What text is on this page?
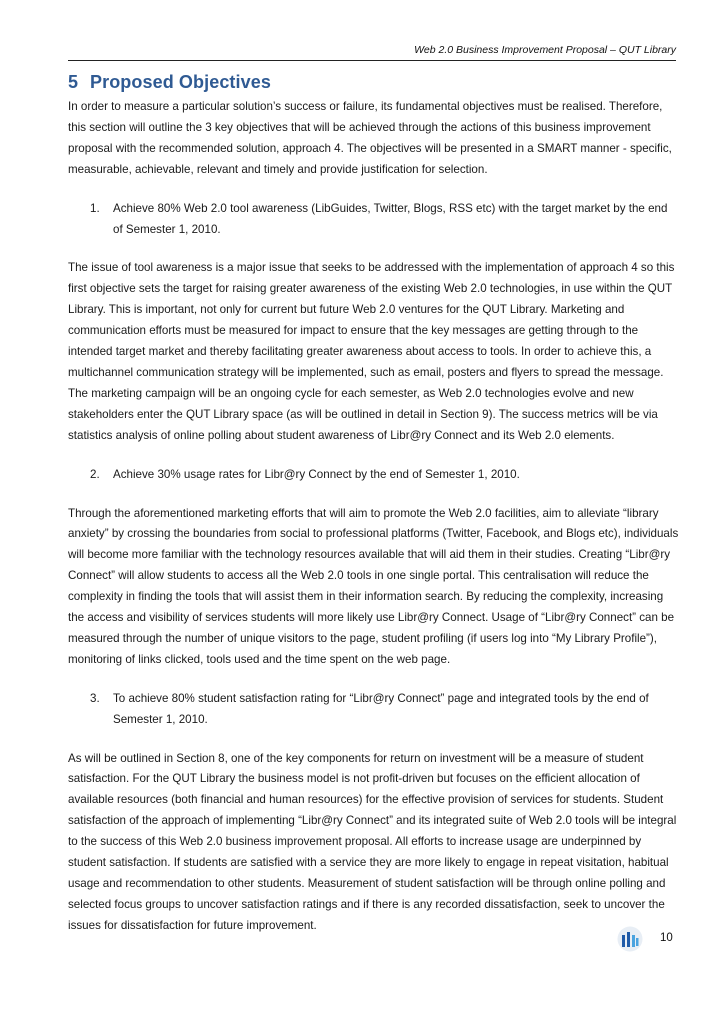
Web 2.0 Business Improvement Proposal – QUT Library
5 Proposed Objectives

In order to measure a particular solution’s success or failure, its fundamental objectives must be realised. Therefore, this section will outline the 3 key objectives that will be achieved through the actions of this business improvement proposal with the recommended solution, approach 4. The objectives will be presented in a SMART manner - specific, measurable, achievable, relevant and timely and provide justification for selection.

1. Achieve 80% Web 2.0 tool awareness (LibGuides, Twitter, Blogs, RSS etc) with the target market by the end of Semester 1, 2010.

The issue of tool awareness is a major issue that seeks to be addressed with the implementation of approach 4 so this first objective sets the target for raising greater awareness of the existing Web 2.0 technologies, in use within the QUT Library. This is important, not only for current but future Web 2.0 ventures for the QUT Library. Marketing and communication efforts must be measured for impact to ensure that the key messages are getting through to the intended target market and thereby facilitating greater awareness about access to tools. In order to achieve this, a multichannel communication strategy will be implemented, such as email, posters and flyers to spread the message. The marketing campaign will be an ongoing cycle for each semester, as Web 2.0 technologies evolve and new stakeholders enter the QUT Library space (as will be outlined in detail in Section 9). The success metrics will be via statistics analysis of online polling about student awareness of Libr@ry Connect and its Web 2.0 elements.

2. Achieve 30% usage rates for Libr@ry Connect by the end of Semester 1, 2010.

Through the aforementioned marketing efforts that will aim to promote the Web 2.0 facilities, aim to alleviate “library anxiety” by crossing the boundaries from social to professional platforms (Twitter, Facebook, and Blogs etc), individuals will become more familiar with the technology resources available that will aid them in their studies. Creating “Libr@ry Connect” will allow students to access all the Web 2.0 tools in one single portal. This centralisation will reduce the complexity in finding the tools that will assist them in their information search. By reducing the complexity, increasing the access and visibility of services students will more likely use Libr@ry Connect. Usage of “Libr@ry Connect” can be measured through the number of unique visitors to the page, student profiling (if users log into “My Library Profile”), monitoring of links clicked, tools used and the time spent on the web page.

3. To achieve 80% student satisfaction rating for “Libr@ry Connect” page and integrated tools by the end of Semester 1, 2010.

As will be outlined in Section 8, one of the key components for return on investment will be a measure of student satisfaction. For the QUT Library the business model is not profit-driven but focuses on the efficient allocation of available resources (both financial and human resources) for the effective provision of services for students. Student satisfaction of the approach of implementing “Libr@ry Connect” and its integrated suite of Web 2.0 tools will be integral to the success of this Web 2.0 business improvement proposal. All efforts to increase usage are underpinned by student satisfaction. If students are satisfied with a service they are more likely to engage in repeat visitation, habitual usage and recommendation to other students. Measurement of student satisfaction will be through online polling and selected focus groups to uncover satisfaction ratings and if there is any recorded dissatisfaction, seek to uncover the issues for dissatisfaction for future improvement.

10
